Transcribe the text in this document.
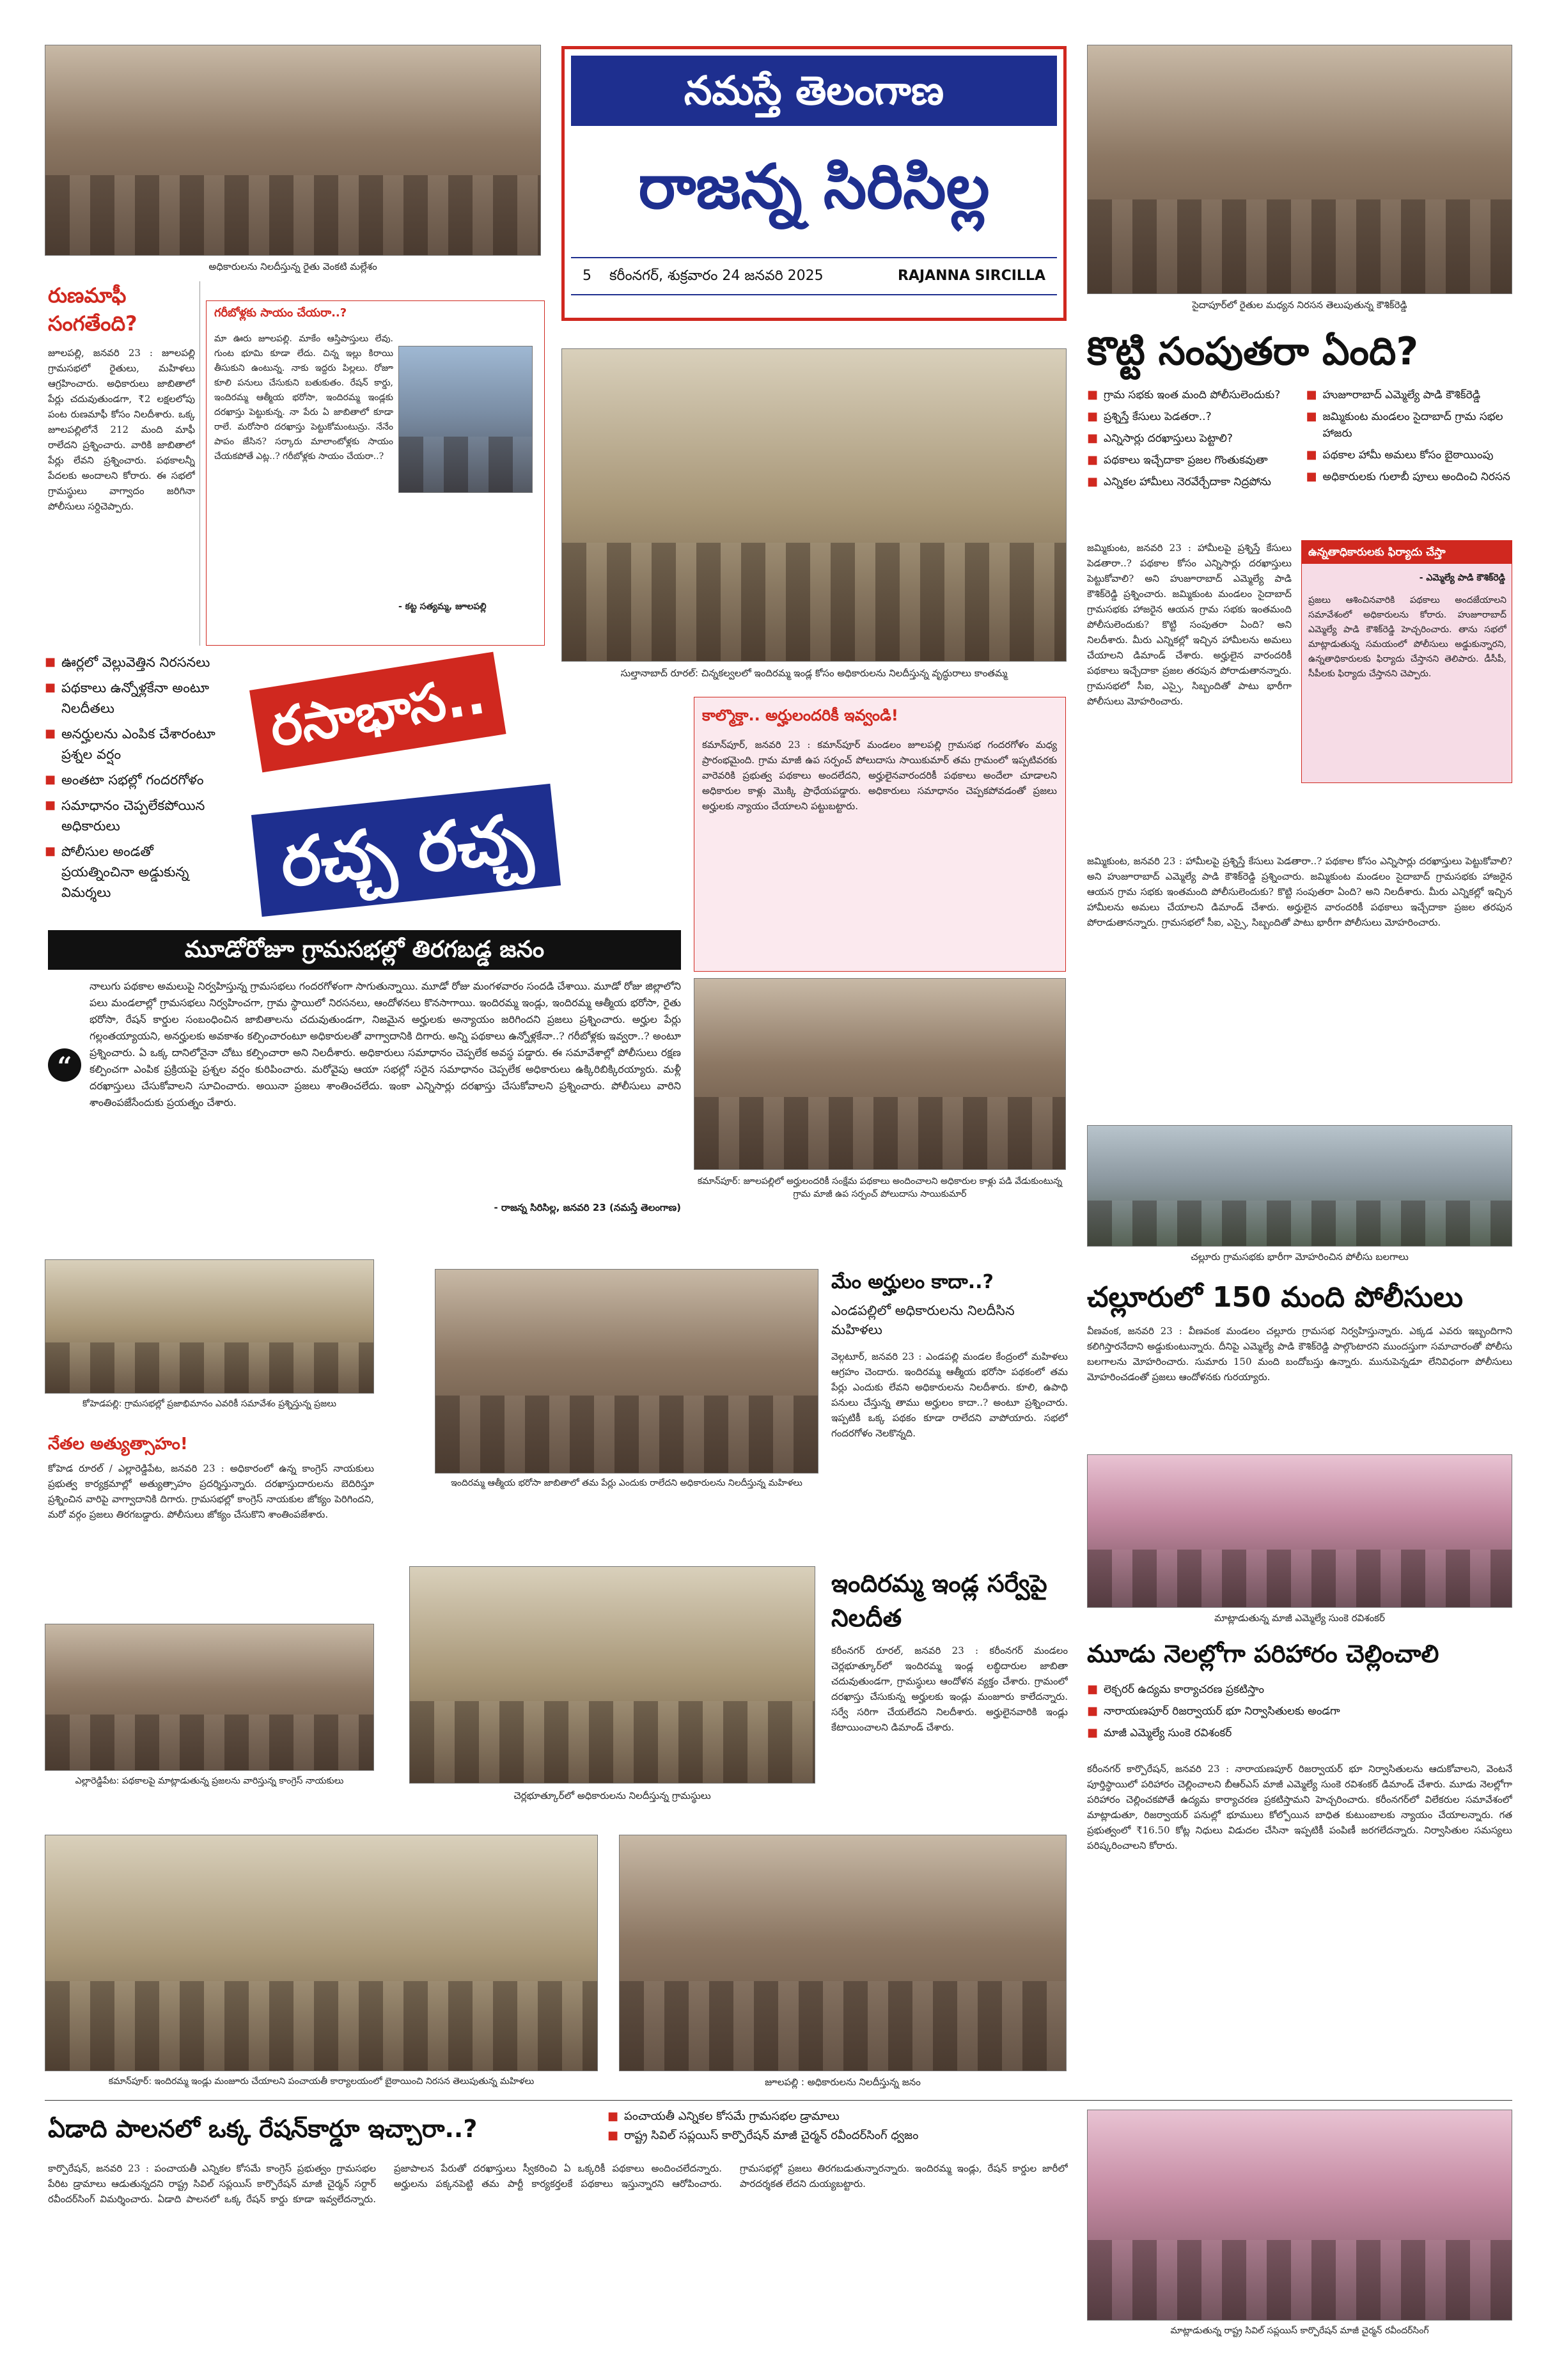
అధికారులను నిలదీస్తున్న రైతు వెంకటి మల్లేశం
నమస్తే తెలంగాణ
రాజన్న సిరిసిల్ల
5 కరీంనగర్, శుక్రవారం 24 జనవరి 2025	RAJANNA SIRCILLA
సైదాపూర్‌లో రైతుల మధ్యన నిరసన తెలుపుతున్న కౌశిక్‌రెడ్డి
రుణమాఫీ సంగతేంది?
జూలపల్లి, జనవరి 23 : జూలపల్లి గ్రామసభలో రైతులు, మహిళలు ఆగ్రహించారు. అధికారులు జాబితాలో పేర్లు చదువుతుండగా, ₹2 లక్షలలోపు పంట రుణమాఫీ కోసం నిలదీశారు. ఒక్క జూలపల్లిలోనే 212 మంది మాఫీ రాలేదని ప్రశ్నించారు. వారికి జాబితాలో పేర్లు లేవని ప్రశ్నించారు. పథకాలన్నీ పేదలకు అందాలని కోరారు. ఈ సభలో గ్రామస్థులు వాగ్వాదం జరిగినా పోలీసులు సర్దిచెప్పారు.
గరీబోళ్లకు సాయం చేయరా..?
మా ఊరు జూలపల్లి. మాకేం ఆస్తిపాస్తులు లేవు. గుంట భూమి కూడా లేదు. చిన్న ఇల్లు కిరాయి తీసుకుని ఉంటున్న. నాకు ఇద్దరు పిల్లలు. రోజూ కూలి పనులు చేసుకుని బతుకుతం. రేషన్ కార్డు, ఇందిరమ్మ ఆత్మీయ భరోసా, ఇందిరమ్మ ఇండ్లకు దరఖాస్తు పెట్టుకున్న. నా పేరు ఏ జాబితాలో కూడా రాలే. మరోసారి దరఖాస్తు పెట్టుకోమంటున్రు. నేనేం పాపం జేసిన? సర్కారు మాలాంటోళ్లకు సాయం చేయకపోతే ఎట్ల..? గరీబోళ్లకు సాయం చేయరా..?
- కట్ట సత్యమ్మ, జూలపల్లి
సుల్తానాబాద్ రూరల్: చిన్నకల్వలలో ఇందిరమ్మ ఇండ్ల కోసం అధికారులను నిలదీస్తున్న వృద్ధురాలు కాంతమ్మ
■ ఊర్లలో వెల్లువెత్తిన నిరసనలు
■ పథకాలు ఉన్నోళ్లకేనా అంటూ నిలదీతలు
■ అనర్హులను ఎంపిక చేశారంటూ ప్రశ్నల వర్షం
■ అంతటా సభల్లో గందరగోళం
■ సమాధానం చెప్పలేకపోయిన అధికారులు
■ పోలీసుల అండతో ప్రయత్నించినా అడ్డుకున్న విమర్శలు
రసాభాస..
రచ్చ రచ్చ
కాల్మొక్తా.. అర్హులందరికీ ఇవ్వండి!
కమాన్‌పూర్, జనవరి 23 : కమాన్‌పూర్ మండలం జూలపల్లి గ్రామసభ గందరగోళం మధ్య ప్రారంభమైంది. గ్రామ మాజీ ఉప సర్పంచ్ పోలుదాసు సాయికుమార్ తమ గ్రామంలో ఇప్పటివరకు వారెవరికి ప్రభుత్వ పథకాలు అందలేదని, అర్హులైనవారందరికీ పథకాలు అందేలా చూడాలని అధికారుల కాళ్లు మొక్కి ప్రాధేయపడ్డారు. అధికారులు సమాధానం చెప్పకపోవడంతో ప్రజలు అర్హులకు న్యాయం చేయాలని పట్టుబట్టారు.
కమాన్‌పూర్: జూలపల్లిలో అర్హులందరికీ సంక్షేమ పథకాలు అందించాలని అధికారుల కాళ్లు పడి వేడుకుంటున్న గ్రామ మాజీ ఉప సర్పంచ్ పోలుదాసు సాయికుమార్
మూడోరోజూ గ్రామసభల్లో తిరగబడ్డ జనం
“
నాలుగు పథకాల అమలుపై నిర్వహిస్తున్న గ్రామసభలు గందరగోళంగా సాగుతున్నాయి. మూడో రోజు మంగళవారం సందడి చేశాయి. మూడో రోజు జిల్లాలోని పలు మండలాల్లో గ్రామసభలు నిర్వహించగా, గ్రామ స్థాయిలో నిరసనలు, ఆందోళనలు కొనసాగాయి. ఇందిరమ్మ ఇండ్లు, ఇందిరమ్మ ఆత్మీయ భరోసా, రైతు భరోసా, రేషన్ కార్డుల సంబంధించిన జాబితాలను చదువుతుండగా, నిజమైన అర్హులకు అన్యాయం జరిగిందని ప్రజలు ప్రశ్నించారు. అర్హుల పేర్లు గల్లంతయ్యాయని, అనర్హులకు అవకాశం కల్పించారంటూ అధికారులతో వాగ్వాదానికి దిగారు. అన్ని పథకాలు ఉన్నోళ్లకేనా..? గరీబోళ్లకు ఇవ్వరా..? అంటూ ప్రశ్నించారు. ఏ ఒక్క దానిలోనైనా చోటు కల్పించారా అని నిలదీశారు. అధికారులు సమాధానం చెప్పలేక అవస్థ పడ్డారు. ఈ సమావేశాల్లో పోలీసులు రక్షణ కల్పించగా ఎంపిక ప్రక్రియపై ప్రశ్నల వర్షం కురిపించారు. మరోవైపు ఆయా సభల్లో సరైన సమాధానం చెప్పలేక అధికారులు ఉక్కిరిబిక్కిరయ్యారు. మళ్లీ దరఖాస్తులు చేసుకోవాలని సూచించారు. అయినా ప్రజలు శాంతించలేదు. ఇంకా ఎన్నిసార్లు దరఖాస్తు చేసుకోవాలని ప్రశ్నించారు. పోలీసులు వారిని శాంతింపజేసేందుకు ప్రయత్నం చేశారు.
- రాజన్న సిరిసిల్ల, జనవరి 23 (నమస్తే తెలంగాణ)
కొట్టి సంపుతరా ఏంది?
■ గ్రామ సభకు ఇంత మంది పోలీసులెందుకు?
■ ప్రశ్నిస్తే కేసులు పెడతరా..?
■ ఎన్నిసార్లు దరఖాస్తులు పెట్టాలి?
■ పథకాలు ఇచ్చేదాకా ప్రజల గొంతుకవుతా
■ ఎన్నికల హామీలు నెరవేర్చేదాకా నిద్రపోను
■ హుజూరాబాద్ ఎమ్మెల్యే పాడి కౌశిక్‌రెడ్డి
■ జమ్మికుంట మండలం సైదాబాద్ గ్రామ సభల హాజరు
■ పథకాల హామీ అమలు కోసం బైఠాయింపు
■ అధికారులకు గులాబీ పూలు అందించి నిరసన
జమ్మికుంట, జనవరి 23 : హామీలపై ప్రశ్నిస్తే కేసులు పెడతారా..? పథకాల కోసం ఎన్నిసార్లు దరఖాస్తులు పెట్టుకోవాలి? అని హుజూరాబాద్ ఎమ్మెల్యే పాడి కౌశిక్‌రెడ్డి ప్రశ్నించారు. జమ్మికుంట మండలం సైదాబాద్ గ్రామసభకు హాజరైన ఆయన గ్రామ సభకు ఇంతమంది పోలీసులెందుకు? కొట్టి సంపుతరా ఏంది? అని నిలదీశారు. మీరు ఎన్నికల్లో ఇచ్చిన హామీలను అమలు చేయాలని డిమాండ్ చేశారు. అర్హులైన వారందరికీ పథకాలు ఇచ్చేదాకా ప్రజల తరపున పోరాడుతానన్నారు. గ్రామసభలో సీఐ, ఎస్సై, సిబ్బందితో పాటు భారీగా పోలీసులు మోహరించారు.
ఉన్నతాధికారులకు ఫిర్యాదు చేస్తా
- ఎమ్మెల్యే పాడి కౌశిక్‌రెడ్డి
ప్రజలు ఆశించినవారికి పథకాలు అందజేయాలని సమావేశంలో అధికారులను కోరారు. హుజూరాబాద్ ఎమ్మెల్యే పాడి కౌశిక్‌రెడ్డి హెచ్చరించారు. తాను సభలో మాట్లాడుతున్న సమయంలో పోలీసులు అడ్డుకున్నారని, ఉన్నతాధికారులకు ఫిర్యాదు చేస్తానని తెలిపారు. డీసీపీ, సీపీలకు ఫిర్యాదు చేస్తానని చెప్పారు.
జమ్మికుంట, జనవరి 23 : హామీలపై ప్రశ్నిస్తే కేసులు పెడతారా..? పథకాల కోసం ఎన్నిసార్లు దరఖాస్తులు పెట్టుకోవాలి? అని హుజూరాబాద్ ఎమ్మెల్యే పాడి కౌశిక్‌రెడ్డి ప్రశ్నించారు. జమ్మికుంట మండలం సైదాబాద్ గ్రామసభకు హాజరైన ఆయన గ్రామ సభకు ఇంతమంది పోలీసులెందుకు? కొట్టి సంపుతరా ఏంది? అని నిలదీశారు. మీరు ఎన్నికల్లో ఇచ్చిన హామీలను అమలు చేయాలని డిమాండ్ చేశారు. అర్హులైన వారందరికీ పథకాలు ఇచ్చేదాకా ప్రజల తరపున పోరాడుతానన్నారు. గ్రామసభలో సీఐ, ఎస్సై, సిబ్బందితో పాటు భారీగా పోలీసులు మోహరించారు.
చల్లూరు గ్రామసభకు భారీగా మోహరించిన పోలీసు బలగాలు
చల్లూరులో 150 మంది పోలీసులు
వీణవంక, జనవరి 23 : వీణవంక మండలం చల్లూరు గ్రామసభ నిర్వహిస్తున్నారు. ఎక్కడ ఎవరు ఇబ్బందిగాని కలిగిస్తారనేదాని అడ్డుకుంటున్నారు. దీనిపై ఎమ్మెల్యే పాడి కౌశిక్‌రెడ్డి పాల్గొంటారని ముందస్తుగా సమాచారంతో పోలీసు బలగాలను మోహరించారు. సుమారు 150 మంది బందోబస్తు ఉన్నారు. మునుపెన్నడూ లేనివిధంగా పోలీసులు మోహరించడంతో ప్రజలు ఆందోళనకు గురయ్యారు.
మాట్లాడుతున్న మాజీ ఎమ్మెల్యే సుంకె రవిశంకర్
మూడు నెలల్లోగా పరిహారం చెల్లించాలి
■ లెక్చరర్ ఉద్యమ కార్యాచరణ ప్రకటిస్తాం
■ నారాయణపూర్ రిజర్వాయర్ భూ నిర్వాసితులకు అండగా
■ మాజీ ఎమ్మెల్యే సుంకె రవిశంకర్
కరీంనగర్ కార్పొరేషన్, జనవరి 23 : నారాయణపూర్ రిజర్వాయర్ భూ నిర్వాసితులను ఆదుకోవాలని, వెంటనే పూర్తిస్థాయిలో పరిహారం చెల్లించాలని బీఆర్‌ఎస్ మాజీ ఎమ్మెల్యే సుంకె రవిశంకర్ డిమాండ్ చేశారు. మూడు నెలల్లోగా పరిహారం చెల్లించకపోతే ఉద్యమ కార్యాచరణ ప్రకటిస్తామని హెచ్చరించారు. కరీంనగర్‌లో విలేకరుల సమావేశంలో మాట్లాడుతూ, రిజర్వాయర్ పనుల్లో భూములు కోల్పోయిన బాధిత కుటుంబాలకు న్యాయం చేయాలన్నారు. గత ప్రభుత్వంలో ₹16.50 కోట్ల నిధులు విడుదల చేసినా ఇప్పటికీ పంపిణీ జరగలేదన్నారు. నిర్వాసితుల సమస్యలు పరిష్కరించాలని కోరారు.
కోహెడపల్లి: గ్రామసభల్లో ప్రజాభిమానం ఎవరికీ సమావేశం ప్రశ్నిస్తున్న ప్రజలు
నేతల అత్యుత్సాహం!
కోహెడ రూరల్ / ఎల్లారెడ్డిపేట, జనవరి 23 : అధికారంలో ఉన్న కాంగ్రెస్ నాయకులు ప్రభుత్వ కార్యక్రమాల్లో అత్యుత్సాహం ప్రదర్శిస్తున్నారు. దరఖాస్తుదారులను బెదిరిస్తూ ప్రశ్నించిన వారిపై వాగ్వాదానికి దిగారు. గ్రామసభల్లో కాంగ్రెస్ నాయకుల జోక్యం పెరిగిందని, మరో వర్గం ప్రజలు తిరగబడ్డారు. పోలీసులు జోక్యం చేసుకొని శాంతింపజేశారు.
ఎల్లారెడ్డిపేట: పథకాలపై మాట్లాడుతున్న ప్రజలను వారిస్తున్న కాంగ్రెస్ నాయకులు
ఇందిరమ్మ ఆత్మీయ భరోసా జాబితాలో తమ పేర్లు ఎందుకు రాలేదని అధికారులను నిలదీస్తున్న మహిళలు
మేం అర్హులం కాదా..?
ఎండపల్లిలో అధికారులను నిలదీసిన మహిళలు
వెల్గటూర్, జనవరి 23 : ఎండపల్లి మండల కేంద్రంలో మహిళలు ఆగ్రహం చెందారు. ఇందిరమ్మ ఆత్మీయ భరోసా పథకంలో తమ పేర్లు ఎందుకు లేవని అధికారులను నిలదీశారు. కూలి, ఉపాధి పనులు చేస్తున్న తాము అర్హులం కాదా..? అంటూ ప్రశ్నించారు. ఇప్పటికీ ఒక్క పథకం కూడా రాలేదని వాపోయారు. సభలో గందరగోళం నెలకొన్నది.
చెర్లభూత్కూర్‌లో అధికారులను నిలదీస్తున్న గ్రామస్థులు
ఇందిరమ్మ ఇండ్ల సర్వేపై నిలదీత
కరీంనగర్ రూరల్, జనవరి 23 : కరీంనగర్ మండలం చెర్లభూత్కూర్‌లో ఇందిరమ్మ ఇండ్ల లబ్ధిదారుల జాబితా చదువుతుండగా, గ్రామస్థులు ఆందోళన వ్యక్తం చేశారు. గ్రామంలో దరఖాస్తు చేసుకున్న అర్హులకు ఇండ్లు మంజూరు కాలేదన్నారు. సర్వే సరిగా చేయలేదని నిలదీశారు. అర్హులైనవారికి ఇండ్లు కేటాయించాలని డిమాండ్ చేశారు.
కమాన్‌పూర్: ఇందిరమ్మ ఇండ్లు మంజూరు చేయాలని పంచాయతీ కార్యాలయంలో బైఠాయించి నిరసన తెలుపుతున్న మహిళలు	జూలపల్లి : అధికారులను నిలదీస్తున్న జనం
ఏడాది పాలనలో ఒక్క రేషన్‌కార్డూ ఇచ్చారా..?
■	పంచాయతీ ఎన్నికల కోసమే గ్రామసభల డ్రామాలు
■ రాష్ట్ర సివిల్ సప్లయిస్ కార్పొరేషన్ మాజీ చైర్మన్ రవీందర్‌సింగ్ ధ్వజం
కార్పొరేషన్, జనవరి 23 : పంచాయతీ ఎన్నికల కోసమే కాంగ్రెస్ ప్రభుత్వం గ్రామసభల పేరిట డ్రామాలు ఆడుతున్నదని రాష్ట్ర సివిల్ సప్లయిస్ కార్పొరేషన్ మాజీ చైర్మన్ సర్దార్ రవీందర్‌సింగ్ విమర్శించారు. ఏడాది పాలనలో ఒక్క రేషన్ కార్డు కూడా ఇవ్వలేదన్నారు. ప్రజాపాలన పేరుతో దరఖాస్తులు స్వీకరించి ఏ ఒక్కరికీ పథకాలు అందించలేదన్నారు. అర్హులను పక్కనపెట్టి తమ పార్టీ కార్యకర్తలకే పథకాలు ఇస్తున్నారని ఆరోపించారు. గ్రామసభల్లో ప్రజలు తిరగబడుతున్నారన్నారు. ఇందిరమ్మ ఇండ్లు, రేషన్ కార్డుల జారీలో పారదర్శకత లేదని దుయ్యబట్టారు.
మాట్లాడుతున్న రాష్ట్ర సివిల్ సప్లయిస్ కార్పొరేషన్ మాజీ చైర్మన్ రవీందర్‌సింగ్
